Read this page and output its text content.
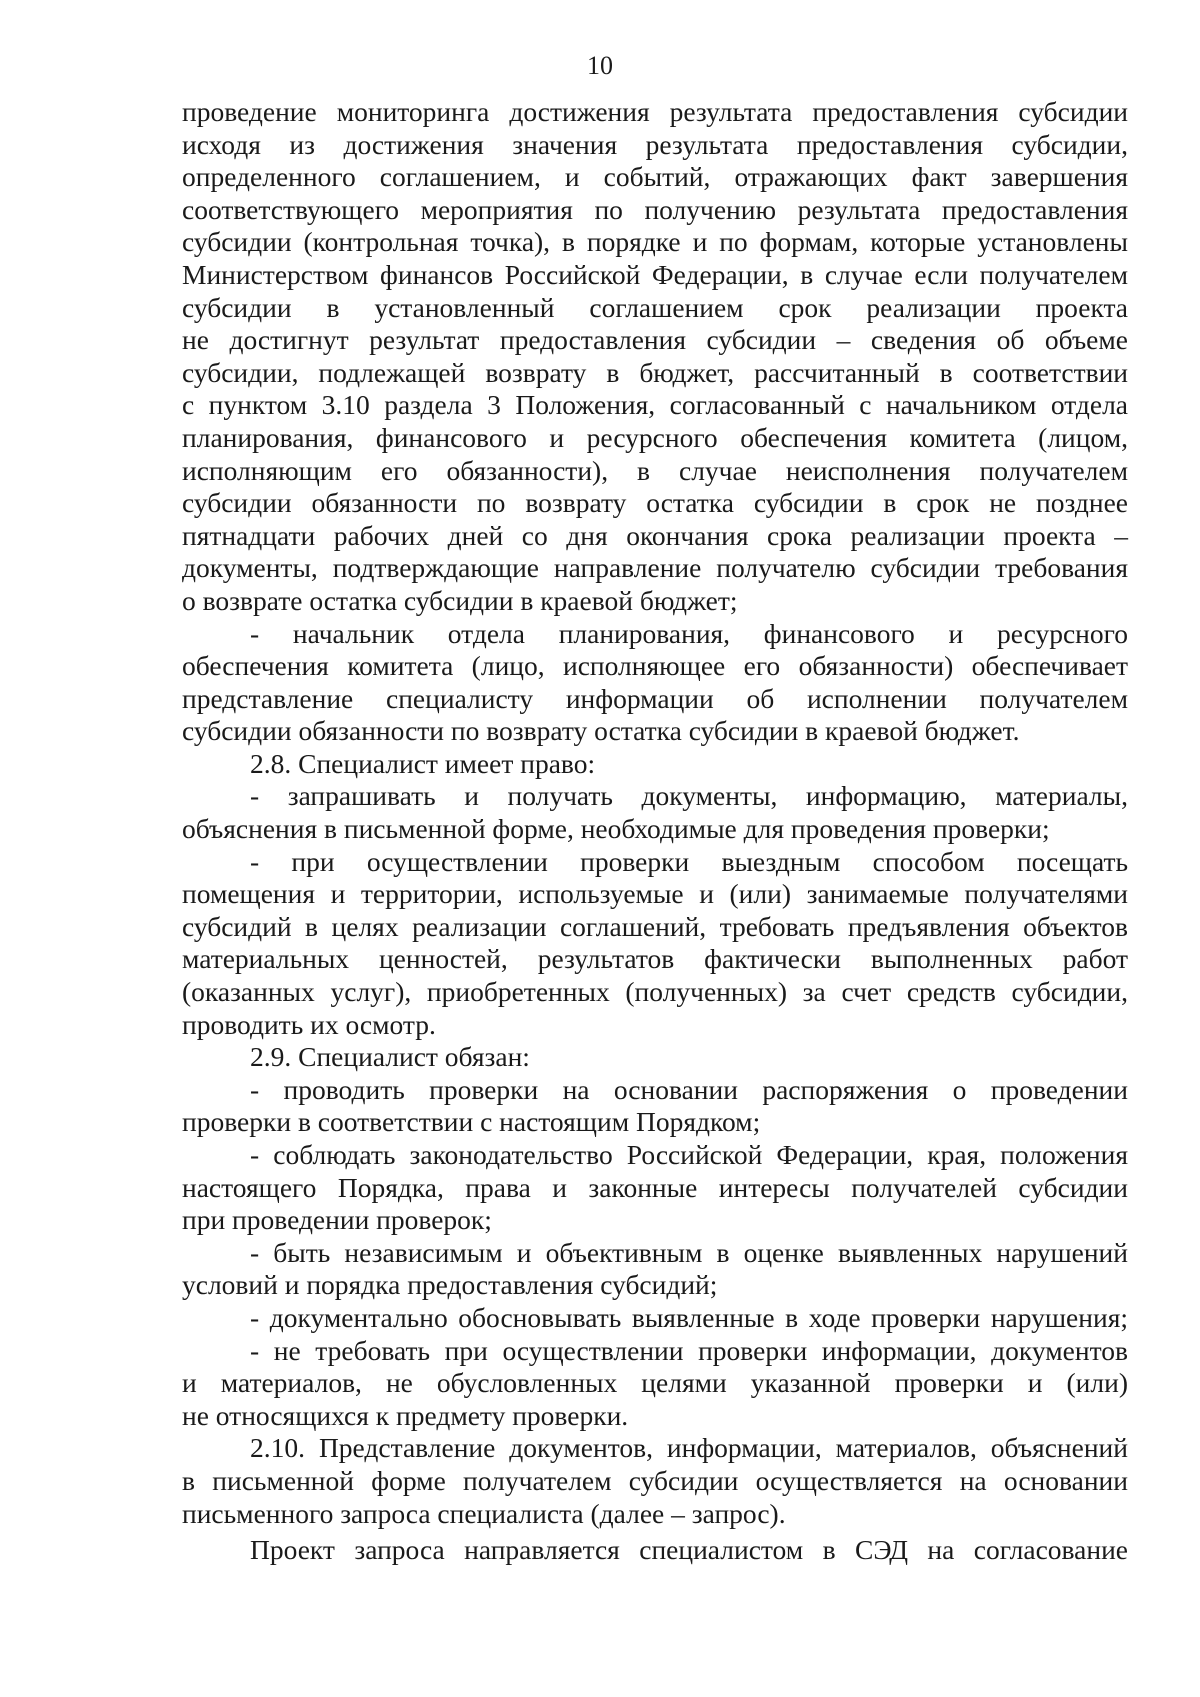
10

проведение мониторинга достижения результата предоставления субсидии

исходя из достижения значения результата предоставления субсидии,

определенного соглашением, и событий, отражающих факт завершения

соответствующего мероприятия по получению результата предоставления

субсидии (контрольная точка), в порядке и по формам, которые установлены

Министерством финансов Российской Федерации, в случае если получателем

субсидии в установленный соглашением срок реализации проекта

не достигнут результат предоставления субсидии – сведения об объеме

субсидии, подлежащей возврату в бюджет, рассчитанный в соответствии

с пунктом 3.10 раздела 3 Положения, согласованный с начальником отдела

планирования, финансового и ресурсного обеспечения комитета (лицом,

исполняющим его обязанности), в случае неисполнения получателем

субсидии обязанности по возврату остатка субсидии в срок не позднее

пятнадцати рабочих дней со дня окончания срока реализации проекта –

документы, подтверждающие направление получателю субсидии требования

о возврате остатка субсидии в краевой бюджет;

- начальник отдела планирования, финансового и ресурсного

обеспечения комитета (лицо, исполняющее его обязанности) обеспечивает

представление специалисту информации об исполнении получателем

субсидии обязанности по возврату остатка субсидии в краевой бюджет.

2.8. Специалист имеет право:

- запрашивать и получать документы, информацию, материалы,

объяснения в письменной форме, необходимые для проведения проверки;

- при осуществлении проверки выездным способом посещать

помещения и территории, используемые и (или) занимаемые получателями

субсидий в целях реализации соглашений, требовать предъявления объектов

материальных ценностей, результатов фактически выполненных работ

(оказанных услуг), приобретенных (полученных) за счет средств субсидии,

проводить их осмотр.

2.9. Специалист обязан:

- проводить проверки на основании распоряжения о проведении

проверки в соответствии с настоящим Порядком;

- соблюдать законодательство Российской Федерации, края, положения

настоящего Порядка, права и законные интересы получателей субсидии

при проведении проверок;

- быть независимым и объективным в оценке выявленных нарушений

условий и порядка предоставления субсидий;

- документально обосновывать выявленные в ходе проверки нарушения;

- не требовать при осуществлении проверки информации, документов

и материалов, не обусловленных целями указанной проверки и (или)

не относящихся к предмету проверки.

2.10. Представление документов, информации, материалов, объяснений

в письменной форме получателем субсидии осуществляется на основании

письменного запроса специалиста (далее – запрос).

Проект запроса направляется специалистом в СЭД на согласование
